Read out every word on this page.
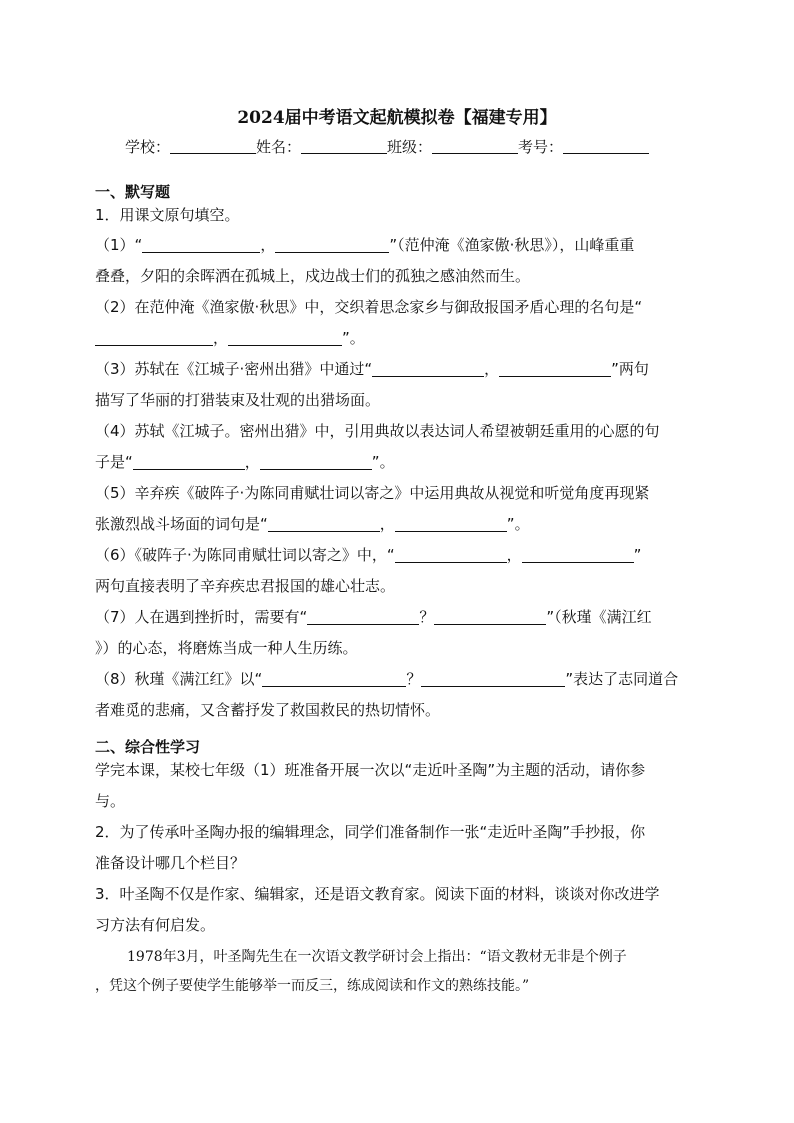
2024届中考语文起航模拟卷【福建专用】
学校：	姓名：	班级：	考号：
一、默写题
1．用课文原句填空。
（1）“	，	”（范仲淹《渔家傲·秋思》），山峰重重
叠叠，夕阳的余晖洒在孤城上，戍边战士们的孤独之感油然而生。
（2）在范仲淹《渔家傲·秋思》中，交织着思念家乡与御敌报国矛盾心理的名句是“
，	”。
（3）苏轼在《江城子·密州出猎》中通过“	，	”两句
描写了华丽的打猎装束及壮观的出猎场面。
（4）苏轼《江城子。密州出猎》中，引用典故以表达词人希望被朝廷重用的心愿的句
子是“	，	”。
（5）辛弃疾《破阵子·为陈同甫赋壮词以寄之》中运用典故从视觉和听觉角度再现紧
张激烈战斗场面的词句是“	，	”。
（6）《破阵子·为陈同甫赋壮词以寄之》中，“	，	”
两句直接表明了辛弃疾忠君报国的雄心壮志。
（7）人在遇到挫折时，需要有“	？	”（秋瑾《满江红
》）的心态，将磨炼当成一种人生历练。
（8）秋瑾《满江红》以“	？	”表达了志同道合
者难觅的悲痛，又含蓄抒发了救国救民的热切情怀。
二、综合性学习
学完本课，某校七年级（1）班准备开展一次以“走近叶圣陶”为主题的活动，请你参
与。
2．为了传承叶圣陶办报的编辑理念，同学们准备制作一张“走近叶圣陶”手抄报，你
准备设计哪几个栏目？
3．叶圣陶不仅是作家、编辑家，还是语文教育家。阅读下面的材料，谈谈对你改进学
习方法有何启发。
1978年3月，叶圣陶先生在一次语文教学研讨会上指出：“语文教材无非是个例子
，凭这个例子要使学生能够举一而反三，练成阅读和作文的熟练技能。”
